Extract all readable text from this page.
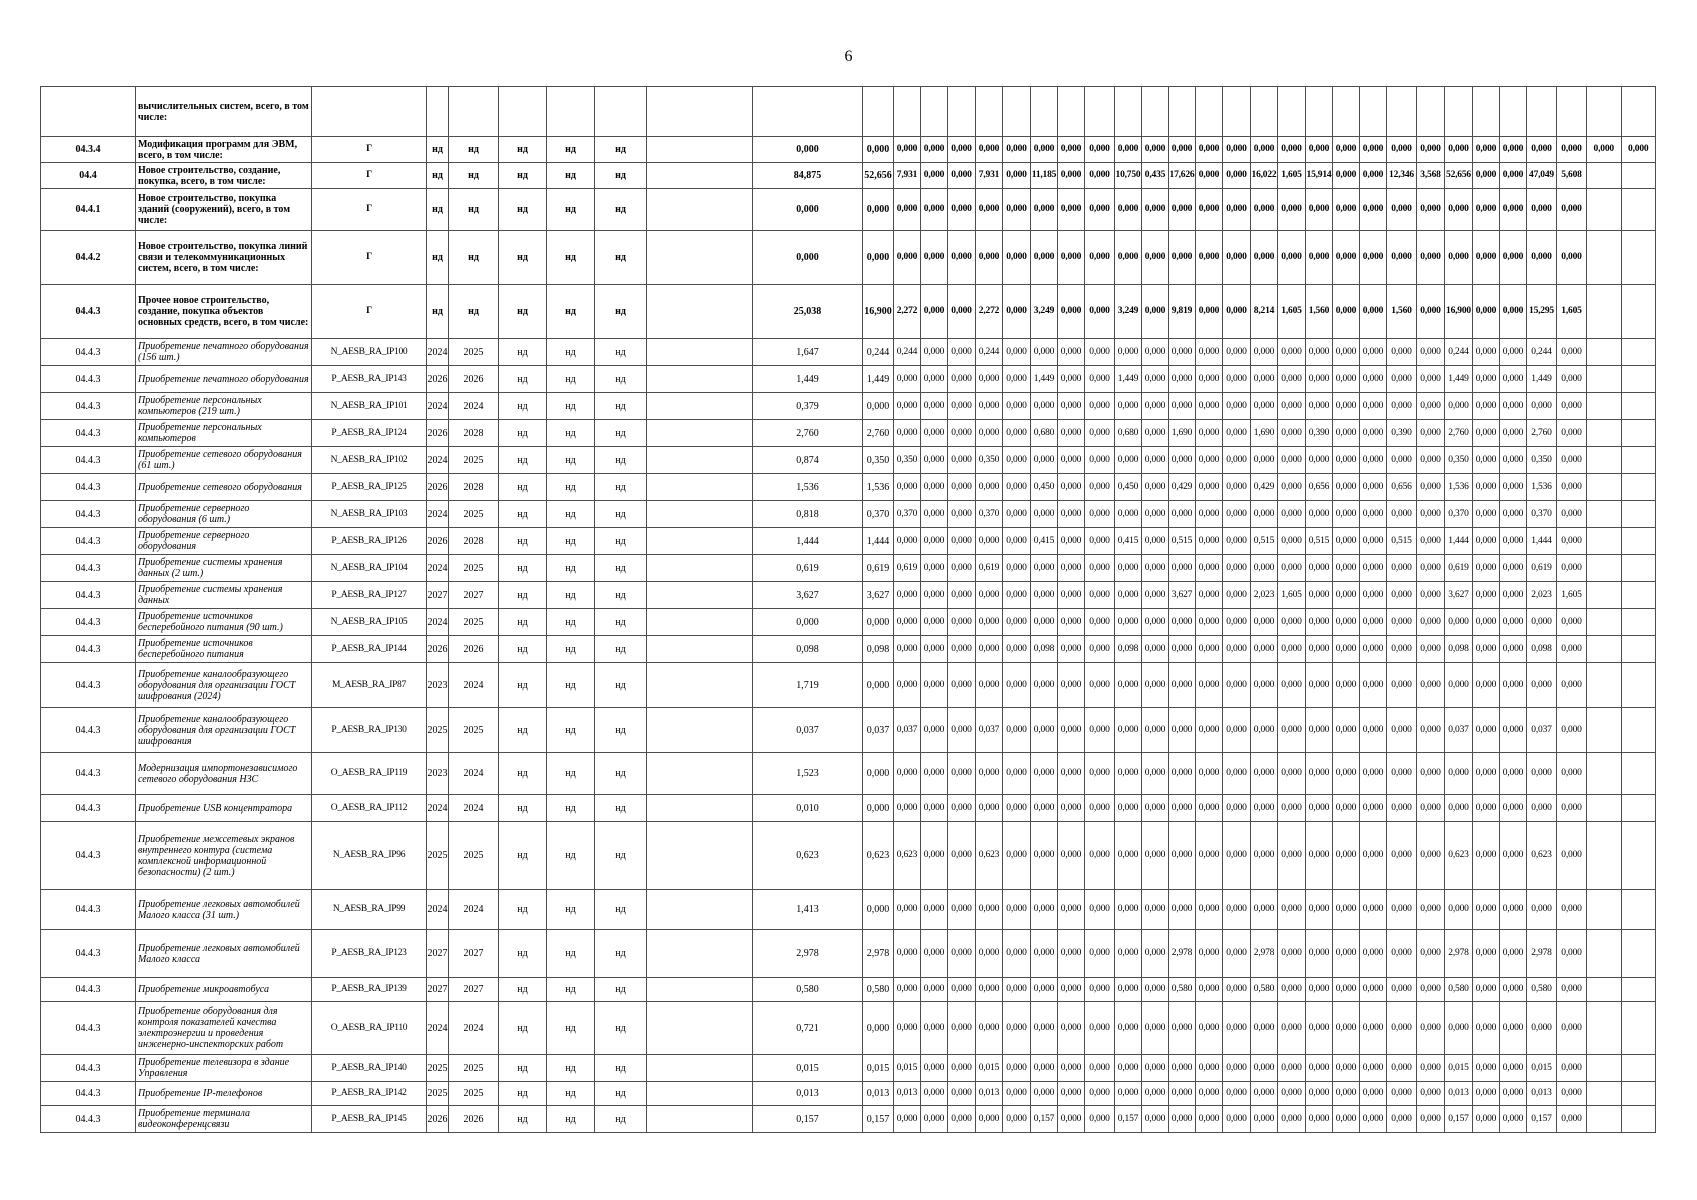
6
	вычислительных систем, всего, в том числе:																																				
04.3.4	Модификация программ для ЭВМ, всего, в том числе:	Г	нд	нд	нд	нд	нд		0,000	0,000	0,000	0,000	0,000	0,000	0,000	0,000	0,000	0,000	0,000	0,000	0,000	0,000	0,000	0,000	0,000	0,000	0,000	0,000	0,000	0,000	0,000	0,000	0,000	0,000	0,000	0,000	0,000
04.4	Новое строительство, создание, покупка, всего, в том числе:	Г	нд	нд	нд	нд	нд		84,875	52,656	7,931	0,000	0,000	7,931	0,000	11,185	0,000	0,000	10,750	0,435	17,626	0,000	0,000	16,022	1,605	15,914	0,000	0,000	12,346	3,568	52,656	0,000	0,000	47,049	5,608		
04.4.1	Новое строительство, покупка зданий (сооружений), всего, в том числе:	Г	нд	нд	нд	нд	нд		0,000	0,000	0,000	0,000	0,000	0,000	0,000	0,000	0,000	0,000	0,000	0,000	0,000	0,000	0,000	0,000	0,000	0,000	0,000	0,000	0,000	0,000	0,000	0,000	0,000	0,000	0,000		
04.4.2	Новое строительство, покупка линий связи и телекоммуникационных систем, всего, в том числе:	Г	нд	нд	нд	нд	нд		0,000	0,000	0,000	0,000	0,000	0,000	0,000	0,000	0,000	0,000	0,000	0,000	0,000	0,000	0,000	0,000	0,000	0,000	0,000	0,000	0,000	0,000	0,000	0,000	0,000	0,000	0,000		
04.4.3	Прочее новое строительство, создание, покупка объектов основных средств, всего, в том числе:	Г	нд	нд	нд	нд	нд		25,038	16,900	2,272	0,000	0,000	2,272	0,000	3,249	0,000	0,000	3,249	0,000	9,819	0,000	0,000	8,214	1,605	1,560	0,000	0,000	1,560	0,000	16,900	0,000	0,000	15,295	1,605		
04.4.3	Приобретение печатного оборудования (156 шт.)	N_AESB_RA_IP100	2024	2025	нд	нд	нд		1,647	0,244	0,244	0,000	0,000	0,244	0,000	0,000	0,000	0,000	0,000	0,000	0,000	0,000	0,000	0,000	0,000	0,000	0,000	0,000	0,000	0,000	0,244	0,000	0,000	0,244	0,000		
04.4.3	Приобретение печатного оборудования	P_AESB_RA_IP143	2026	2026	нд	нд	нд		1,449	1,449	0,000	0,000	0,000	0,000	0,000	1,449	0,000	0,000	1,449	0,000	0,000	0,000	0,000	0,000	0,000	0,000	0,000	0,000	0,000	0,000	1,449	0,000	0,000	1,449	0,000		
04.4.3	Приобретение персональных компьютеров (219 шт.)	N_AESB_RA_IP101	2024	2024	нд	нд	нд		0,379	0,000	0,000	0,000	0,000	0,000	0,000	0,000	0,000	0,000	0,000	0,000	0,000	0,000	0,000	0,000	0,000	0,000	0,000	0,000	0,000	0,000	0,000	0,000	0,000	0,000	0,000		
04.4.3	Приобретение персональных компьютеров	P_AESB_RA_IP124	2026	2028	нд	нд	нд		2,760	2,760	0,000	0,000	0,000	0,000	0,000	0,680	0,000	0,000	0,680	0,000	1,690	0,000	0,000	1,690	0,000	0,390	0,000	0,000	0,390	0,000	2,760	0,000	0,000	2,760	0,000		
04.4.3	Приобретение сетевого оборудования (61 шт.)	N_AESB_RA_IP102	2024	2025	нд	нд	нд		0,874	0,350	0,350	0,000	0,000	0,350	0,000	0,000	0,000	0,000	0,000	0,000	0,000	0,000	0,000	0,000	0,000	0,000	0,000	0,000	0,000	0,000	0,350	0,000	0,000	0,350	0,000		
04.4.3	Приобретение сетевого оборудования	P_AESB_RA_IP125	2026	2028	нд	нд	нд		1,536	1,536	0,000	0,000	0,000	0,000	0,000	0,450	0,000	0,000	0,450	0,000	0,429	0,000	0,000	0,429	0,000	0,656	0,000	0,000	0,656	0,000	1,536	0,000	0,000	1,536	0,000		
04.4.3	Приобретение серверного оборудования (6 шт.)	N_AESB_RA_IP103	2024	2025	нд	нд	нд		0,818	0,370	0,370	0,000	0,000	0,370	0,000	0,000	0,000	0,000	0,000	0,000	0,000	0,000	0,000	0,000	0,000	0,000	0,000	0,000	0,000	0,000	0,370	0,000	0,000	0,370	0,000		
04.4.3	Приобретение серверного оборудования	P_AESB_RA_IP126	2026	2028	нд	нд	нд		1,444	1,444	0,000	0,000	0,000	0,000	0,000	0,415	0,000	0,000	0,415	0,000	0,515	0,000	0,000	0,515	0,000	0,515	0,000	0,000	0,515	0,000	1,444	0,000	0,000	1,444	0,000		
04.4.3	Приобретение системы хранения данных (2 шт.)	N_AESB_RA_IP104	2024	2025	нд	нд	нд		0,619	0,619	0,619	0,000	0,000	0,619	0,000	0,000	0,000	0,000	0,000	0,000	0,000	0,000	0,000	0,000	0,000	0,000	0,000	0,000	0,000	0,000	0,619	0,000	0,000	0,619	0,000		
04.4.3	Приобретение системы хранения данных	P_AESB_RA_IP127	2027	2027	нд	нд	нд		3,627	3,627	0,000	0,000	0,000	0,000	0,000	0,000	0,000	0,000	0,000	0,000	3,627	0,000	0,000	2,023	1,605	0,000	0,000	0,000	0,000	0,000	3,627	0,000	0,000	2,023	1,605		
04.4.3	Приобретение источников бесперебойного питания (90 шт.)	N_AESB_RA_IP105	2024	2025	нд	нд	нд		0,000	0,000	0,000	0,000	0,000	0,000	0,000	0,000	0,000	0,000	0,000	0,000	0,000	0,000	0,000	0,000	0,000	0,000	0,000	0,000	0,000	0,000	0,000	0,000	0,000	0,000	0,000		
04.4.3	Приобретение источников бесперебойного питания	P_AESB_RA_IP144	2026	2026	нд	нд	нд		0,098	0,098	0,000	0,000	0,000	0,000	0,000	0,098	0,000	0,000	0,098	0,000	0,000	0,000	0,000	0,000	0,000	0,000	0,000	0,000	0,000	0,000	0,098	0,000	0,000	0,098	0,000		
04.4.3	Приобретение каналообразующего оборудования для организации ГОСТ шифрования (2024)	M_AESB_RA_IP87	2023	2024	нд	нд	нд		1,719	0,000	0,000	0,000	0,000	0,000	0,000	0,000	0,000	0,000	0,000	0,000	0,000	0,000	0,000	0,000	0,000	0,000	0,000	0,000	0,000	0,000	0,000	0,000	0,000	0,000	0,000		
04.4.3	Приобретение каналообразующего оборудования для организации ГОСТ шифрования	P_AESB_RA_IP130	2025	2025	нд	нд	нд		0,037	0,037	0,037	0,000	0,000	0,037	0,000	0,000	0,000	0,000	0,000	0,000	0,000	0,000	0,000	0,000	0,000	0,000	0,000	0,000	0,000	0,000	0,037	0,000	0,000	0,037	0,000		
04.4.3	Модернизация импортонезависимого сетевого оборудования НЗС	O_AESB_RA_IP119	2023	2024	нд	нд	нд		1,523	0,000	0,000	0,000	0,000	0,000	0,000	0,000	0,000	0,000	0,000	0,000	0,000	0,000	0,000	0,000	0,000	0,000	0,000	0,000	0,000	0,000	0,000	0,000	0,000	0,000	0,000		
04.4.3	Приобретение USB концентратора	O_AESB_RA_IP112	2024	2024	нд	нд	нд		0,010	0,000	0,000	0,000	0,000	0,000	0,000	0,000	0,000	0,000	0,000	0,000	0,000	0,000	0,000	0,000	0,000	0,000	0,000	0,000	0,000	0,000	0,000	0,000	0,000	0,000	0,000		
04.4.3	Приобретение межсетевых экранов внутреннего контура (система комплексной информационной безопасности) (2 шт.)	N_AESB_RA_IP96	2025	2025	нд	нд	нд		0,623	0,623	0,623	0,000	0,000	0,623	0,000	0,000	0,000	0,000	0,000	0,000	0,000	0,000	0,000	0,000	0,000	0,000	0,000	0,000	0,000	0,000	0,623	0,000	0,000	0,623	0,000		
04.4.3	Приобретение легковых автомобилей Малого класса (31 шт.)	N_AESB_RA_IP99	2024	2024	нд	нд	нд		1,413	0,000	0,000	0,000	0,000	0,000	0,000	0,000	0,000	0,000	0,000	0,000	0,000	0,000	0,000	0,000	0,000	0,000	0,000	0,000	0,000	0,000	0,000	0,000	0,000	0,000	0,000		
04.4.3	Приобретение легковых автомобилей Малого класса	P_AESB_RA_IP123	2027	2027	нд	нд	нд		2,978	2,978	0,000	0,000	0,000	0,000	0,000	0,000	0,000	0,000	0,000	0,000	2,978	0,000	0,000	2,978	0,000	0,000	0,000	0,000	0,000	0,000	2,978	0,000	0,000	2,978	0,000		
04.4.3	Приобретение микроавтобуса	P_AESB_RA_IP139	2027	2027	нд	нд	нд		0,580	0,580	0,000	0,000	0,000	0,000	0,000	0,000	0,000	0,000	0,000	0,000	0,580	0,000	0,000	0,580	0,000	0,000	0,000	0,000	0,000	0,000	0,580	0,000	0,000	0,580	0,000		
04.4.3	Приобретение оборудования для контроля показателей качества электроэнергии и проведения инженерно-инспекторских работ	O_AESB_RA_IP110	2024	2024	нд	нд	нд		0,721	0,000	0,000	0,000	0,000	0,000	0,000	0,000	0,000	0,000	0,000	0,000	0,000	0,000	0,000	0,000	0,000	0,000	0,000	0,000	0,000	0,000	0,000	0,000	0,000	0,000	0,000		
04.4.3	Приобретение телевизора в здание Управления	P_AESB_RA_IP140	2025	2025	нд	нд	нд		0,015	0,015	0,015	0,000	0,000	0,015	0,000	0,000	0,000	0,000	0,000	0,000	0,000	0,000	0,000	0,000	0,000	0,000	0,000	0,000	0,000	0,000	0,015	0,000	0,000	0,015	0,000		
04.4.3	Приобретение IP-телефонов	P_AESB_RA_IP142	2025	2025	нд	нд	нд		0,013	0,013	0,013	0,000	0,000	0,013	0,000	0,000	0,000	0,000	0,000	0,000	0,000	0,000	0,000	0,000	0,000	0,000	0,000	0,000	0,000	0,000	0,013	0,000	0,000	0,013	0,000		
04.4.3	Приобретение терминала видеоконференцсвязи	P_AESB_RA_IP145	2026	2026	нд	нд	нд		0,157	0,157	0,000	0,000	0,000	0,000	0,000	0,157	0,000	0,000	0,157	0,000	0,000	0,000	0,000	0,000	0,000	0,000	0,000	0,000	0,000	0,000	0,157	0,000	0,000	0,157	0,000		
